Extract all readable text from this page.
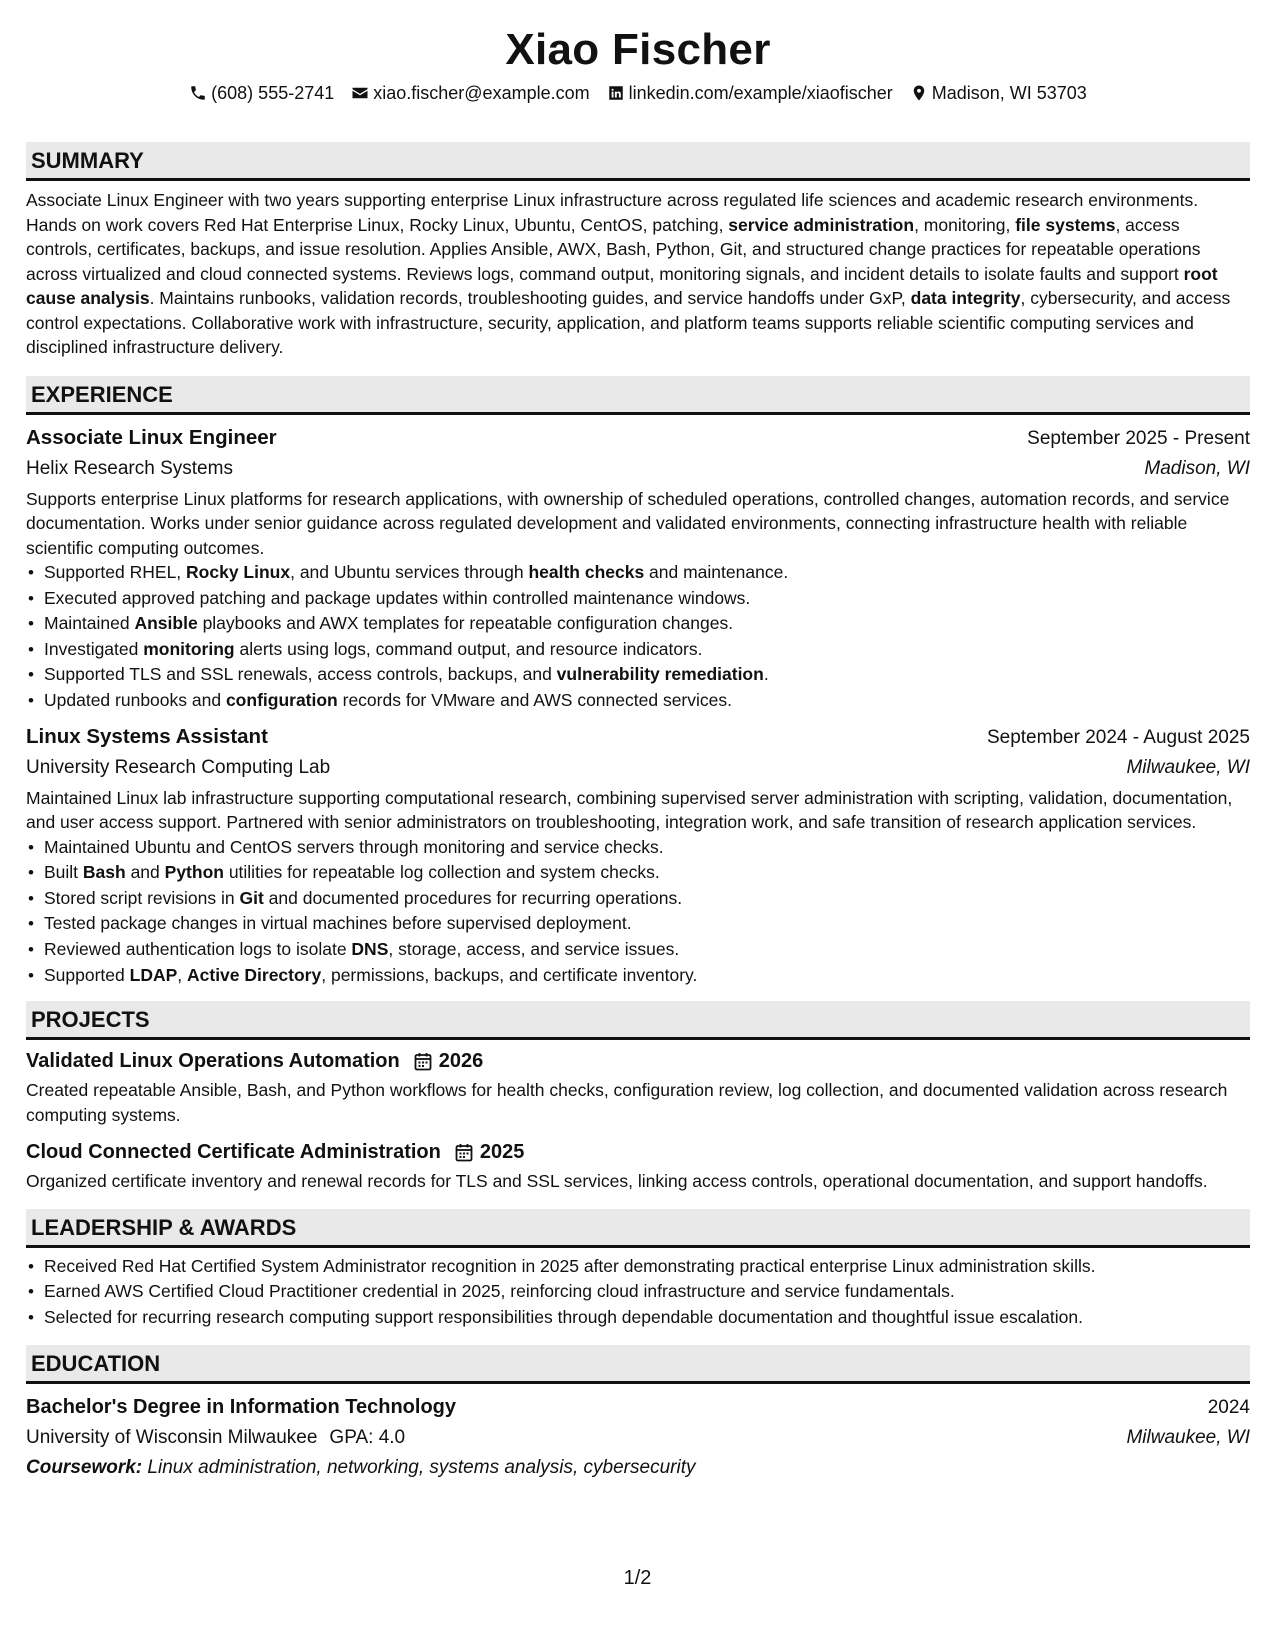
Xiao Fischer
(608) 555-2741 xiao.fischer@example.com linkedin.com/example/xiaofischer Madison, WI 53703
SUMMARY

Associate Linux Engineer with two years supporting enterprise Linux infrastructure across regulated life sciences and academic research environments. Hands on work covers Red Hat Enterprise Linux, Rocky Linux, Ubuntu, CentOS, patching, service administration, monitoring, file systems, access controls, certificates, backups, and issue resolution. Applies Ansible, AWX, Bash, Python, Git, and structured change practices for repeatable operations across virtualized and cloud connected systems. Reviews logs, command output, monitoring signals, and incident details to isolate faults and support root cause analysis. Maintains runbooks, validation records, troubleshooting guides, and service handoffs under GxP, data integrity, cybersecurity, and access control expectations. Collaborative work with infrastructure, security, application, and platform teams supports reliable scientific computing services and disciplined infrastructure delivery.

EXPERIENCE
Associate Linux Engineer	September 2025 - Present
Helix Research Systems	Madison, WI

Supports enterprise Linux platforms for research applications, with ownership of scheduled operations, controlled changes, automation records, and service documentation. Works under senior guidance across regulated development and validated environments, connecting infrastructure health with reliable scientific computing outcomes.

• Supported RHEL, Rocky Linux, and Ubuntu services through health checks and maintenance.
• Executed approved patching and package updates within controlled maintenance windows.
• Maintained Ansible playbooks and AWX templates for repeatable configuration changes.
• Investigated monitoring alerts using logs, command output, and resource indicators.
• Supported TLS and SSL renewals, access controls, backups, and vulnerability remediation.
• Updated runbooks and configuration records for VMware and AWS connected services.
Linux Systems Assistant	September 2024 - August 2025
University Research Computing Lab	Milwaukee, WI

Maintained Linux lab infrastructure supporting computational research, combining supervised server administration with scripting, validation, documentation, and user access support. Partnered with senior administrators on troubleshooting, integration work, and safe transition of research application services.

• Maintained Ubuntu and CentOS servers through monitoring and service checks.
• Built Bash and Python utilities for repeatable log collection and system checks.
• Stored script revisions in Git and documented procedures for recurring operations.
• Tested package changes in virtual machines before supervised deployment.
• Reviewed authentication logs to isolate DNS, storage, access, and service issues.
• Supported LDAP, Active Directory, permissions, backups, and certificate inventory.
PROJECTS
Validated Linux Operations Automation 2026

Created repeatable Ansible, Bash, and Python workflows for health checks, configuration review, log collection, and documented validation across research computing systems.

Cloud Connected Certificate Administration 2025

Organized certificate inventory and renewal records for TLS and SSL services, linking access controls, operational documentation, and support handoffs.

LEADERSHIP & AWARDS
• Received Red Hat Certified System Administrator recognition in 2025 after demonstrating practical enterprise Linux administration skills.
• Earned AWS Certified Cloud Practitioner credential in 2025, reinforcing cloud infrastructure and service fundamentals.
• Selected for recurring research computing support responsibilities through dependable documentation and thoughtful issue escalation.
EDUCATION
Bachelor's Degree in Information Technology	2024
University of Wisconsin Milwaukee GPA: 4.0	Milwaukee, WI
Coursework: Linux administration, networking, systems analysis, cybersecurity
1/2
